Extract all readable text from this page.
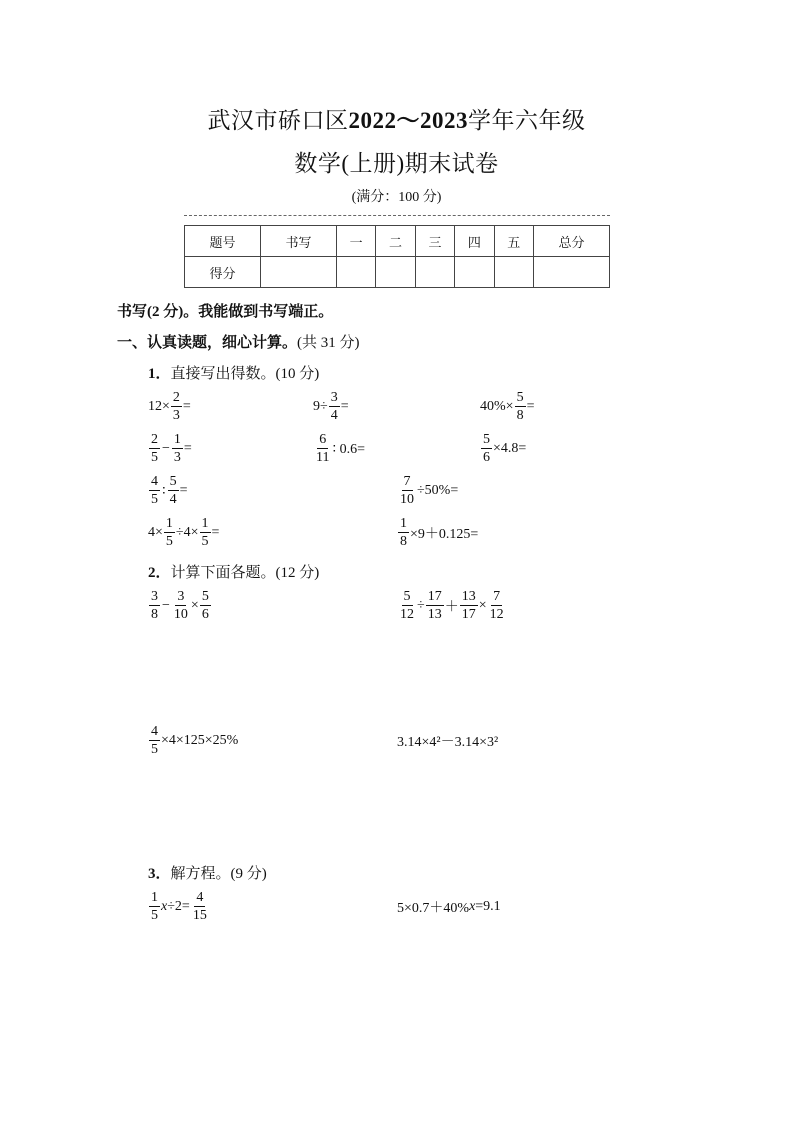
武汉市硚口区2022～2023学年六年级
数学(上册)期末试卷
(满分：100 分)
题号	书写	一	二	三	四	五	总分
得分							
书写(2 分)。我能做到书写端正。
一、认真读题，细心计算。(共 31 分)
1．直接写出得数。(10 分)
$12\times \frac{2}{3}$ =	$9\div \frac{3}{4}$ =	$40\%\times \frac{5}{8}$ =
$\frac{2}{5} - \frac{1}{3}$ =	$\frac{6}{11}$ ∶ 0.6=	$\frac{5}{6} \times 4.8=$
$\frac{4}{5}$ ∶ $\frac{5}{4}$ =	$\frac{7}{10} \div 50\%=$
$4\times \frac{1}{5} \div 4\times \frac{1}{5}$ =	$\frac{1}{8} \times 9+0.125=$
2．计算下面各题。(12 分)
$\frac{3}{8} - \frac{3}{10} \times \frac{5}{6}$	$\frac{5}{12} \div \frac{17}{13} + \frac{13}{17} \times \frac{7}{12}$
$\frac{4}{5} \times 4\times 125\times 25\%$	3.14×4²－3.14×3²
3．解方程。(9 分)
$\frac{1}{5}$ $x \div 2= \frac{4}{15}$	5×0.7＋40% x =9.1
